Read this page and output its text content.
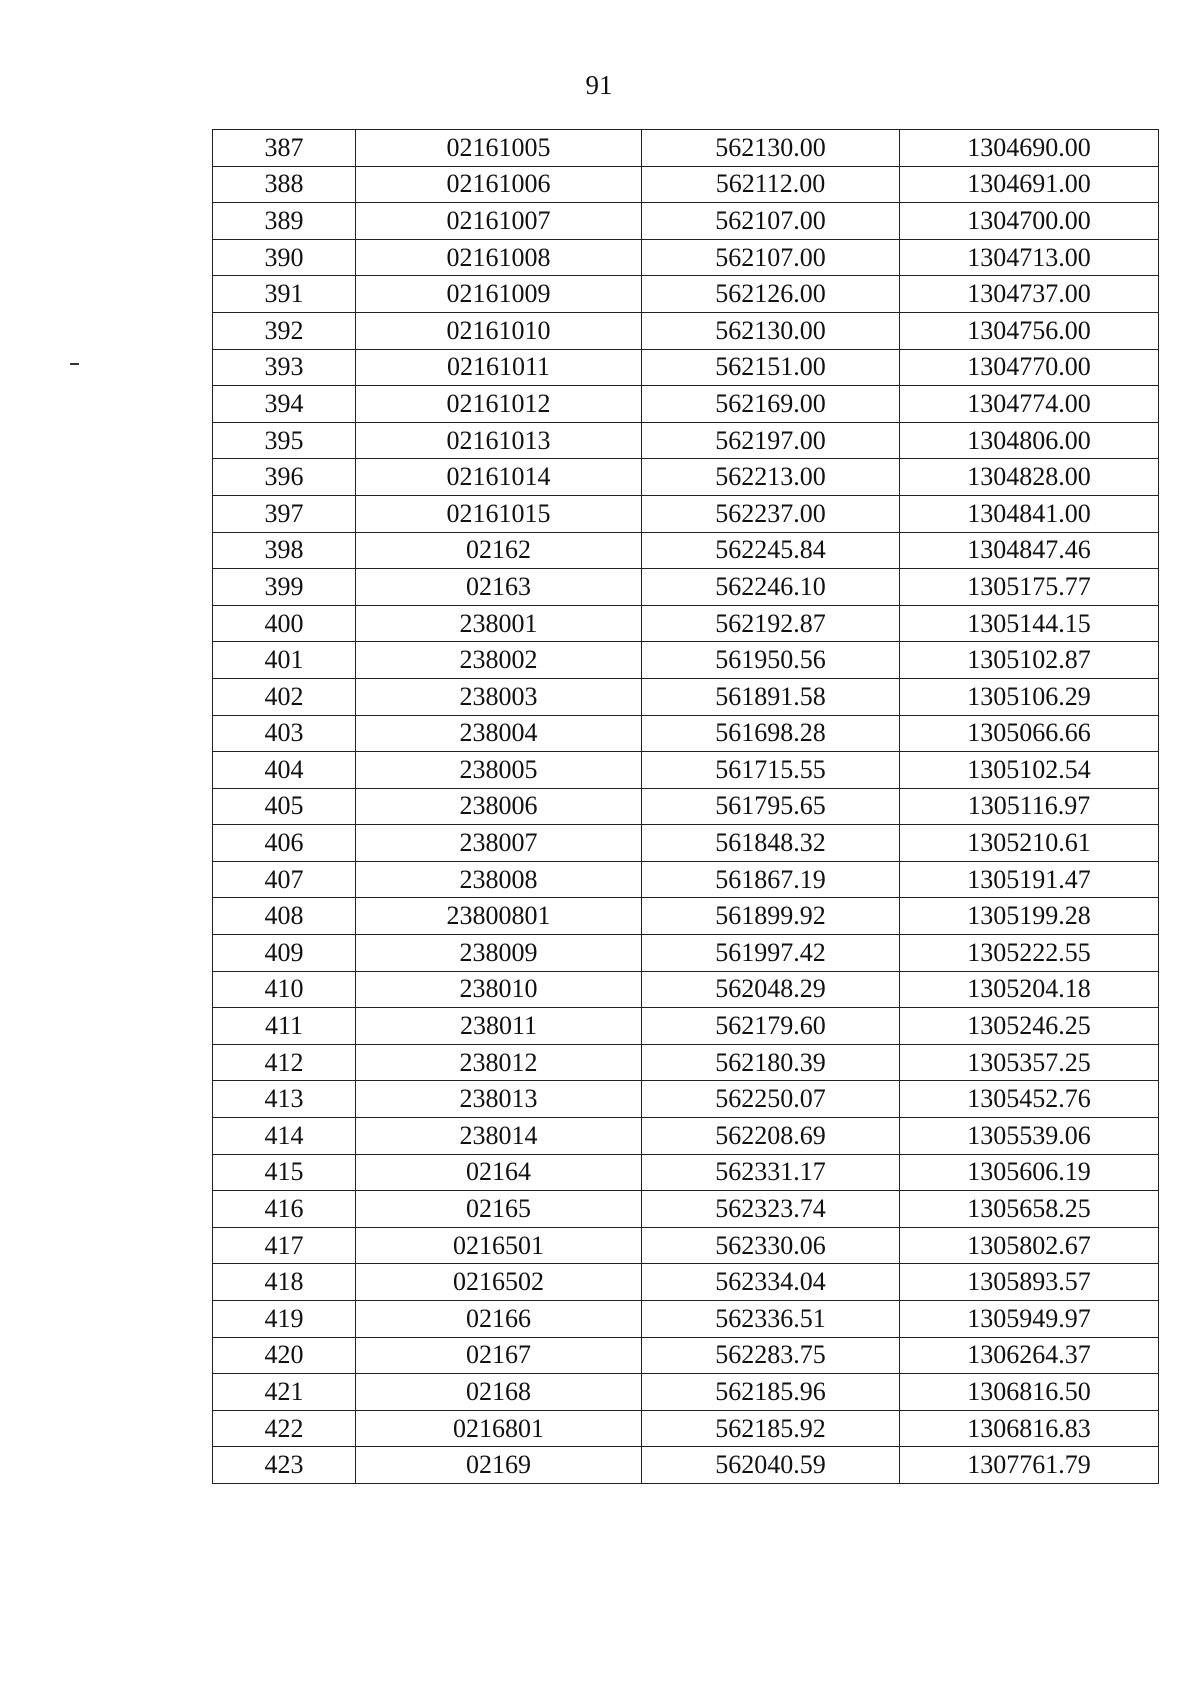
91
387	02161005	562130.00	1304690.00
388	02161006	562112.00	1304691.00
389	02161007	562107.00	1304700.00
390	02161008	562107.00	1304713.00
391	02161009	562126.00	1304737.00
392	02161010	562130.00	1304756.00
393	02161011	562151.00	1304770.00
394	02161012	562169.00	1304774.00
395	02161013	562197.00	1304806.00
396	02161014	562213.00	1304828.00
397	02161015	562237.00	1304841.00
398	02162	562245.84	1304847.46
399	02163	562246.10	1305175.77
400	238001	562192.87	1305144.15
401	238002	561950.56	1305102.87
402	238003	561891.58	1305106.29
403	238004	561698.28	1305066.66
404	238005	561715.55	1305102.54
405	238006	561795.65	1305116.97
406	238007	561848.32	1305210.61
407	238008	561867.19	1305191.47
408	23800801	561899.92	1305199.28
409	238009	561997.42	1305222.55
410	238010	562048.29	1305204.18
411	238011	562179.60	1305246.25
412	238012	562180.39	1305357.25
413	238013	562250.07	1305452.76
414	238014	562208.69	1305539.06
415	02164	562331.17	1305606.19
416	02165	562323.74	1305658.25
417	0216501	562330.06	1305802.67
418	0216502	562334.04	1305893.57
419	02166	562336.51	1305949.97
420	02167	562283.75	1306264.37
421	02168	562185.96	1306816.50
422	0216801	562185.92	1306816.83
423	02169	562040.59	1307761.79
